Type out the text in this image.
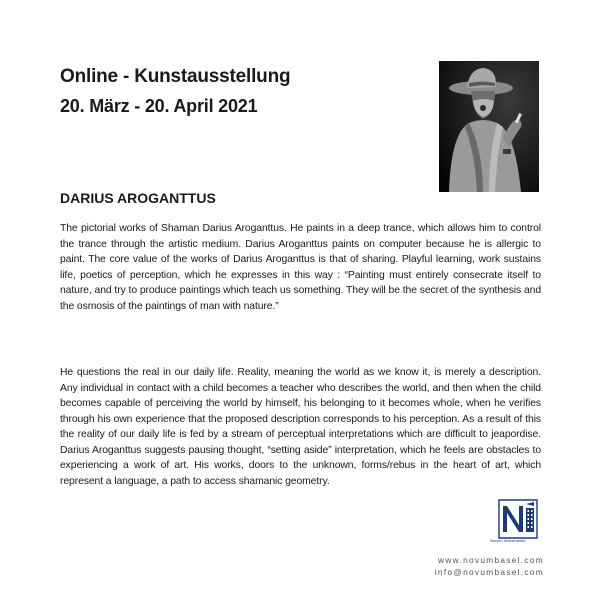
Online - Kunstausstellung
20. März - 20. April 2021
DARIUS AROGANTTUS

The pictorial works of Shaman Darius Aroganttus. He paints in a deep trance, which allows him to control the trance through the artistic medium. Darius Aroganttus paints on computer because he is allergic to paint. The core value of the works of Darius Aroganttus is that of sharing. Playful learning, work sustains life, poetics of perception, which he expresses in this way : “Painting must entirely consecrate itself to nature, and try to produce paintings which teach us something. They will be the secret of the synthesis and the osmosis of the paintings of man with nature.”

He questions the real in our daily life. Reality, meaning the world as we know it, is merely a description. Any individual in contact with a child becomes a teacher who describes the world, and then when the child becomes capable of perceiving the world by himself, his belonging to it becomes whole, when he verifies through his own experience that the proposed description corresponds to his perception. As a result of this the reality of our daily life is fed by a stream of perceptual interpretations which are difficult to jeapordise. Darius Aroganttus suggests pausing thought, “setting aside” interpretation, which he feels are obstacles to experiencing a work of art. His works, doors to the unknown, forms/rebus in the heart of art, which represent a language, a path to access shamanic geometry.

Novum Investments
www.novumbasel.com
info@novumbasel.com
